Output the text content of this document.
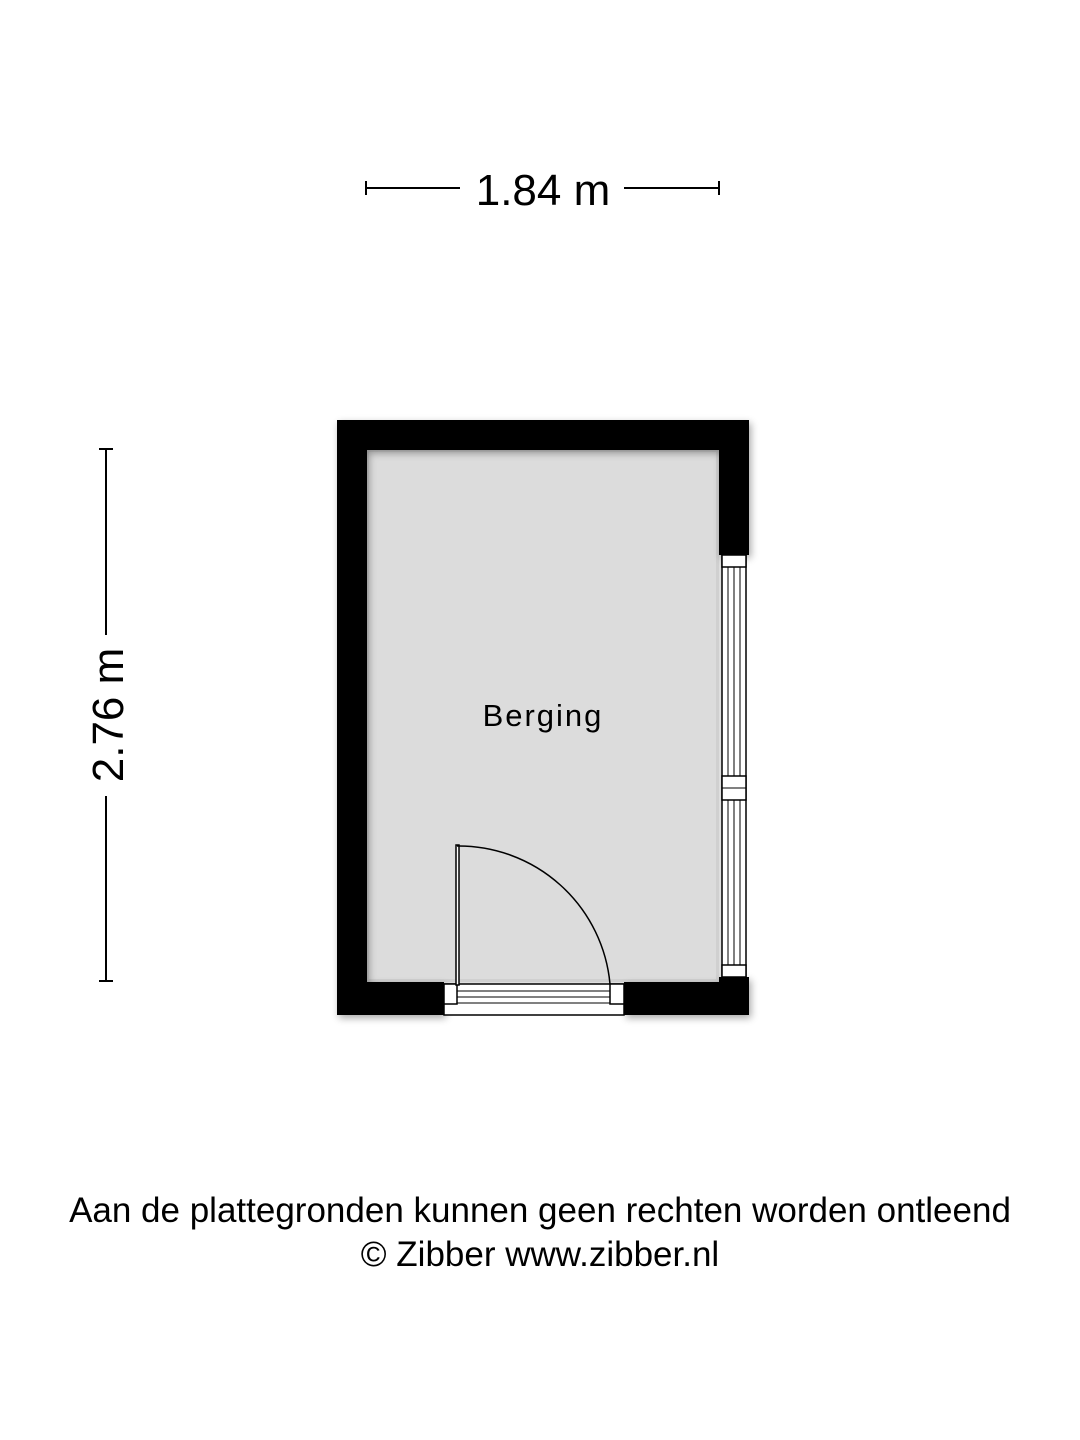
1.84 m
2.76 m	Berging
Aan de plattegronden kunnen geen rechten worden ontleend
© Zibber www.zibber.nl
